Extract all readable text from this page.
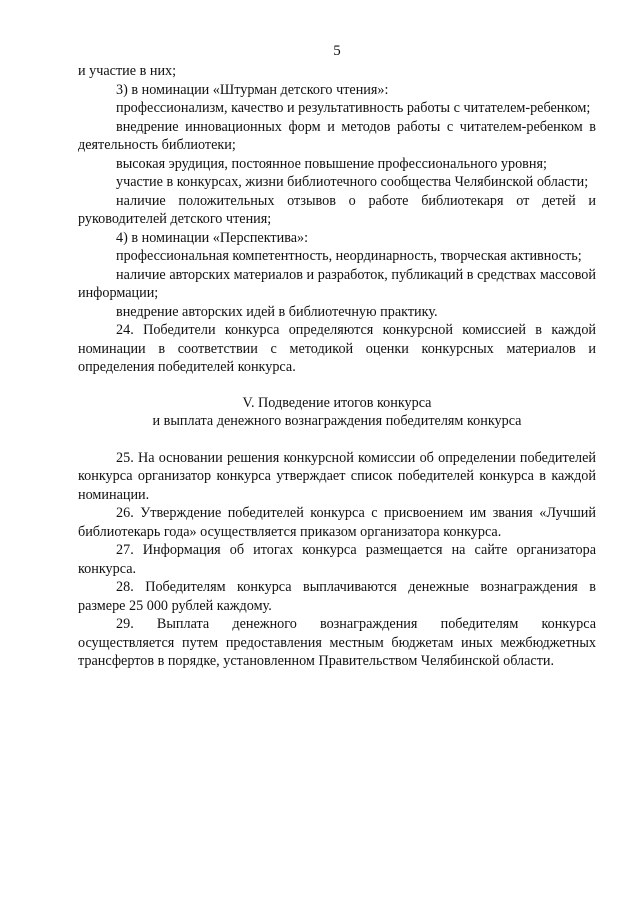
5

и участие в них;

3) в номинации «Штурман детского чтения»:

профессионализм, качество и результативность работы с читателем-ребенком;

внедрение инновационных форм и методов работы с читателем-ребенком в деятельность библиотеки;

высокая эрудиция, постоянное повышение профессионального уровня;

участие в конкурсах, жизни библиотечного сообщества Челябинской области;

наличие положительных отзывов о работе библиотекаря от детей и руководителей детского чтения;

4) в номинации «Перспектива»:

профессиональная компетентность, неординарность, творческая активность;

наличие авторских материалов и разработок, публикаций в средствах массовой информации;

внедрение авторских идей в библиотечную практику.

24. Победители конкурса определяются конкурсной комиссией в каждой номинации в соответствии с методикой оценки конкурсных материалов и определения победителей конкурса.

V. Подведение итогов конкурса
и выплата денежного вознаграждения победителям конкурса

25. На основании решения конкурсной комиссии об определении победителей конкурса организатор конкурса утверждает список победителей конкурса в каждой номинации.

26. Утверждение победителей конкурса с присвоением им звания «Лучший библиотекарь года» осуществляется приказом организатора конкурса.

27. Информация об итогах конкурса размещается на сайте организатора конкурса.

28. Победителям конкурса выплачиваются денежные вознаграждения в размере 25 000 рублей каждому.

29. Выплата денежного вознаграждения победителям конкурса осуществляется путем предоставления местным бюджетам иных межбюджетных трансфертов в порядке, установленном Правительством Челябинской области.
